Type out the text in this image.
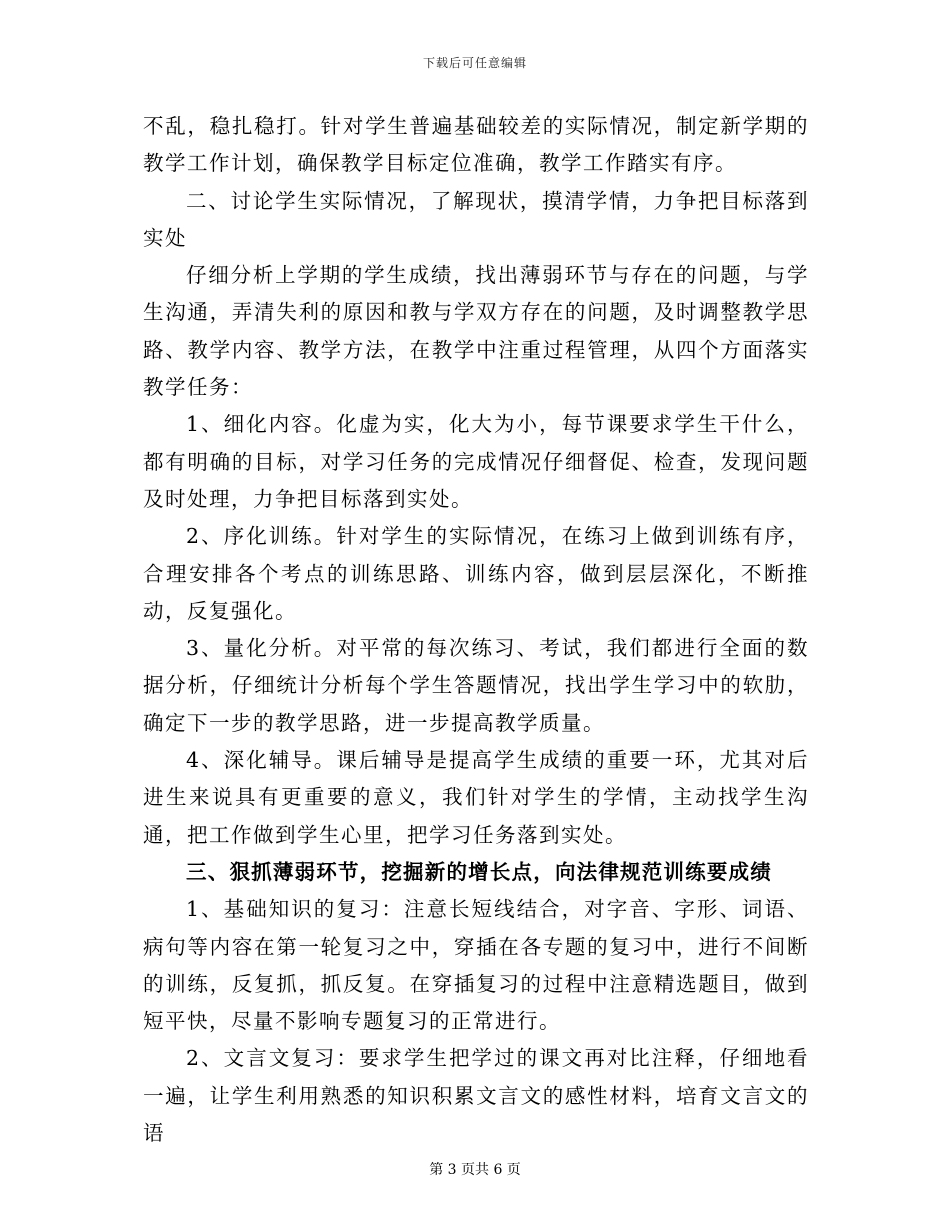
下载后可任意编辑

不乱，稳扎稳打。针对学生普遍基础较差的实际情况，制定新学期的教学工作计划，确保教学目标定位准确，教学工作踏实有序。

二、讨论学生实际情况，了解现状，摸清学情，力争把目标落到实处

仔细分析上学期的学生成绩，找出薄弱环节与存在的问题，与学生沟通，弄清失利的原因和教与学双方存在的问题，及时调整教学思路、教学内容、教学方法，在教学中注重过程管理，从四个方面落实教学任务：

1、细化内容。化虚为实，化大为小，每节课要求学生干什么，都有明确的目标，对学习任务的完成情况仔细督促、检查，发现问题及时处理，力争把目标落到实处。

2、序化训练。针对学生的实际情况，在练习上做到训练有序，合理安排各个考点的训练思路、训练内容，做到层层深化，不断推动，反复强化。

3、量化分析。对平常的每次练习、考试，我们都进行全面的数据分析，仔细统计分析每个学生答题情况，找出学生学习中的软肋，确定下一步的教学思路，进一步提高教学质量。

4、深化辅导。课后辅导是提高学生成绩的重要一环，尤其对后进生来说具有更重要的意义，我们针对学生的学情，主动找学生沟通，把工作做到学生心里，把学习任务落到实处。

三、狠抓薄弱环节，挖掘新的增长点，向法律规范训练要成绩

1、基础知识的复习：注意长短线结合，对字音、字形、词语、病句等内容在第一轮复习之中，穿插在各专题的复习中，进行不间断的训练，反复抓，抓反复。在穿插复习的过程中注意精选题目，做到短平快，尽量不影响专题复习的正常进行。

2、文言文复习：要求学生把学过的课文再对比注释，仔细地看一遍，让学生利用熟悉的知识积累文言文的感性材料，培育文言文的语

第 3 页共 6 页
